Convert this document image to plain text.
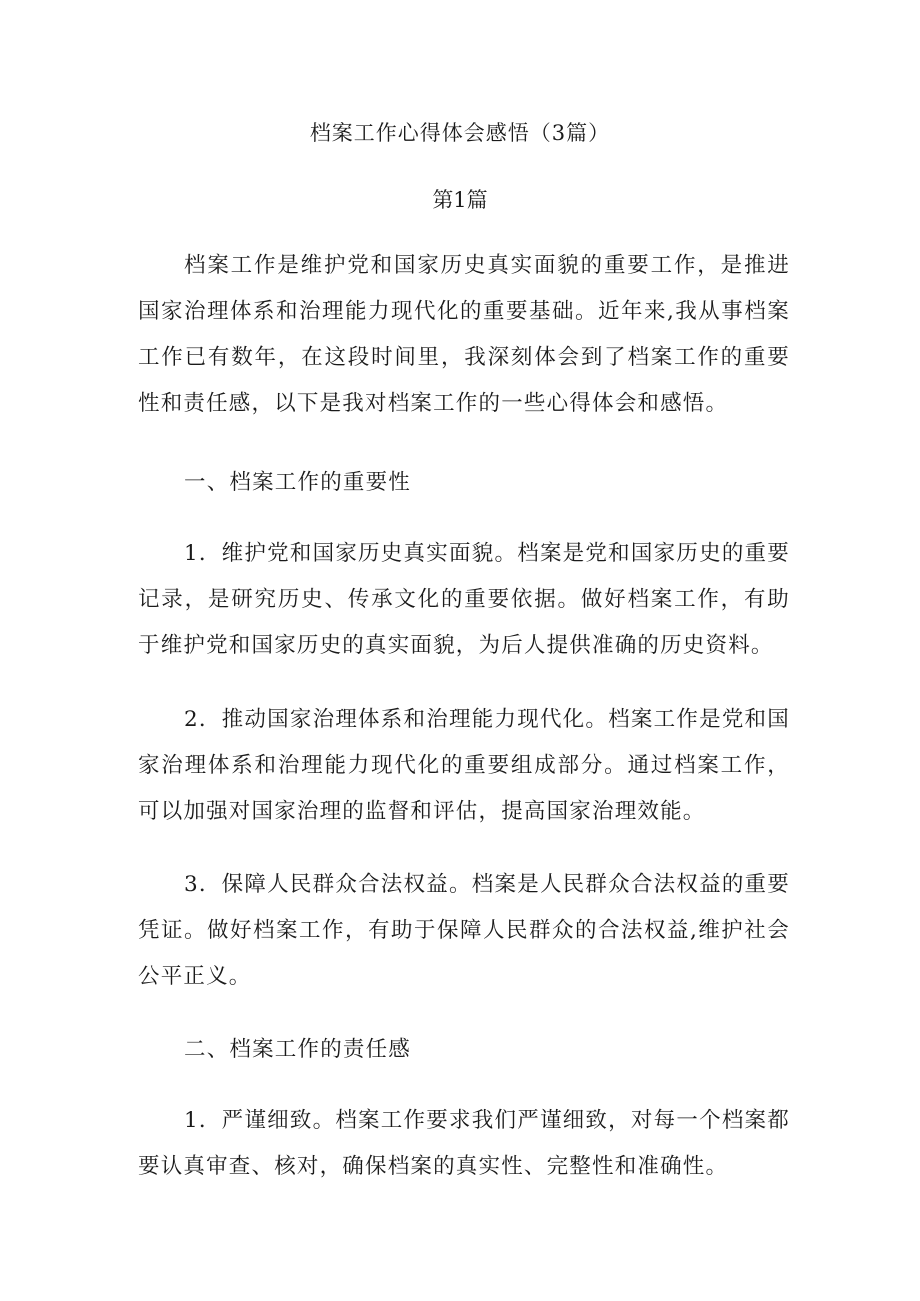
档案工作心得体会感悟（3篇）
第1篇

档案工作是维护党和国家历史真实面貌的重要工作，是推进国家治理体系和治理能力现代化的重要基础。近年来,我从事档案工作已有数年，在这段时间里，我深刻体会到了档案工作的重要性和责任感，以下是我对档案工作的一些心得体会和感悟。

一、档案工作的重要性

1．维护党和国家历史真实面貌。档案是党和国家历史的重要记录，是研究历史、传承文化的重要依据。做好档案工作，有助于维护党和国家历史的真实面貌，为后人提供准确的历史资料。

2．推动国家治理体系和治理能力现代化。档案工作是党和国家治理体系和治理能力现代化的重要组成部分。通过档案工作，可以加强对国家治理的监督和评估，提高国家治理效能。

3．保障人民群众合法权益。档案是人民群众合法权益的重要凭证。做好档案工作，有助于保障人民群众的合法权益,维护社会公平正义。

二、档案工作的责任感

1．严谨细致。档案工作要求我们严谨细致，对每一个档案都要认真审查、核对，确保档案的真实性、完整性和准确性。
